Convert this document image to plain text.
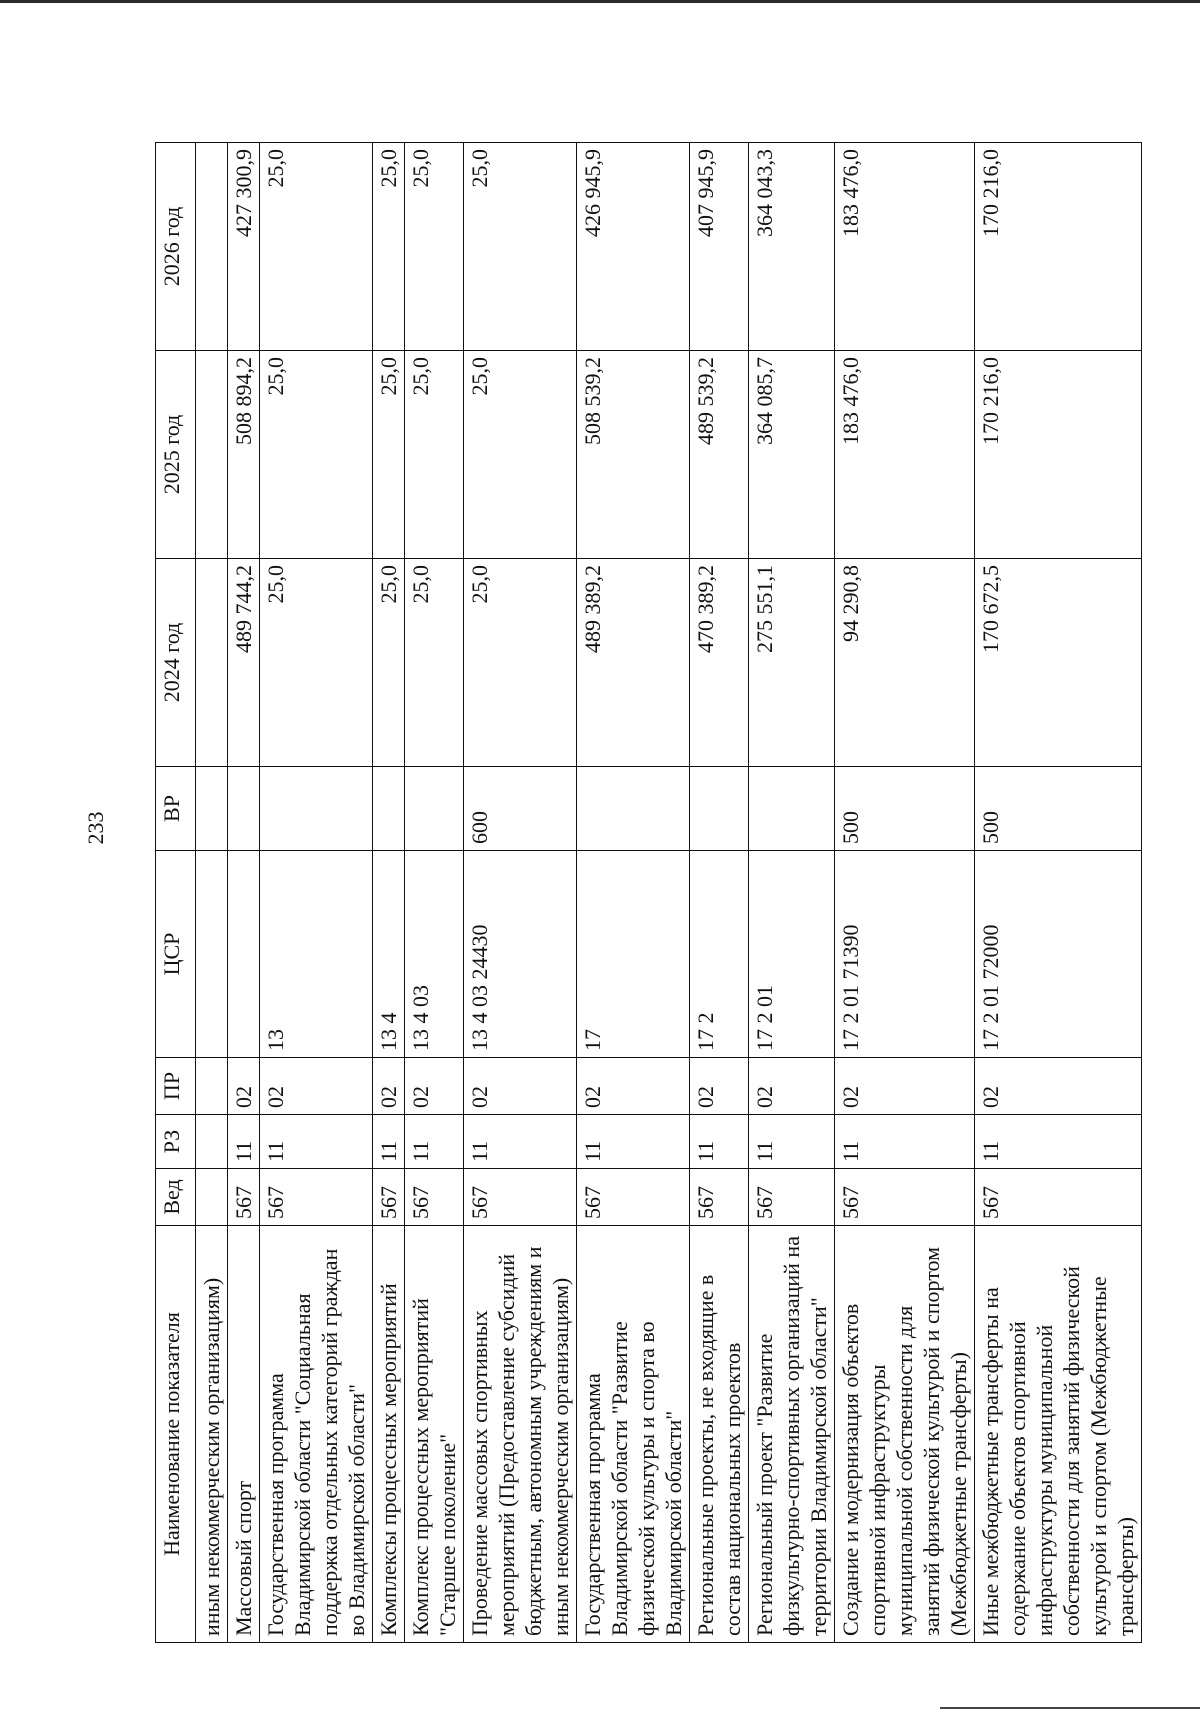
233
Наименование показателя	Вед	РЗ	ПР	ЦСР	ВР	2024 год	2025 год	2026 год
иным некоммерческим организациям)								
Массовый спорт	567	11	02			489 744,2	508 894,2	427 300,9
Государственная программа Владимирской области "Социальная поддержка отдельных категорий граждан во Владимирской области"	567	11	02	13		25,0	25,0	25,0
Комплексы процессных мероприятий	567	11	02	13 4		25,0	25,0	25,0
Комплекс процессных мероприятий "Старшее поколение"	567	11	02	13 4 03		25,0	25,0	25,0
Проведение массовых спортивных мероприятий (Предоставление субсидий бюджетным, автономным учреждениям и иным некоммерческим организациям)	567	11	02	13 4 03 24430	600	25,0	25,0	25,0
Государственная программа Владимирской области "Развитие физической культуры и спорта во Владимирской области"	567	11	02	17		489 389,2	508 539,2	426 945,9
Региональные проекты, не входящие в состав национальных проектов	567	11	02	17 2		470 389,2	489 539,2	407 945,9
Региональный проект "Развитие физкультурно-спортивных организаций на территории Владимирской области"	567	11	02	17 2 01		275 551,1	364 085,7	364 043,3
Создание и модернизация объектов спортивной инфраструктуры муниципальной собственности для занятий физической культурой и спортом (Межбюджетные трансферты)	567	11	02	17 2 01 71390	500	94 290,8	183 476,0	183 476,0
Иные межбюджетные трансферты на содержание объектов спортивной инфраструктуры муниципальной собственности для занятий физической культурой и спортом (Межбюджетные трансферты)	567	11	02	17 2 01 72000	500	170 672,5	170 216,0	170 216,0
